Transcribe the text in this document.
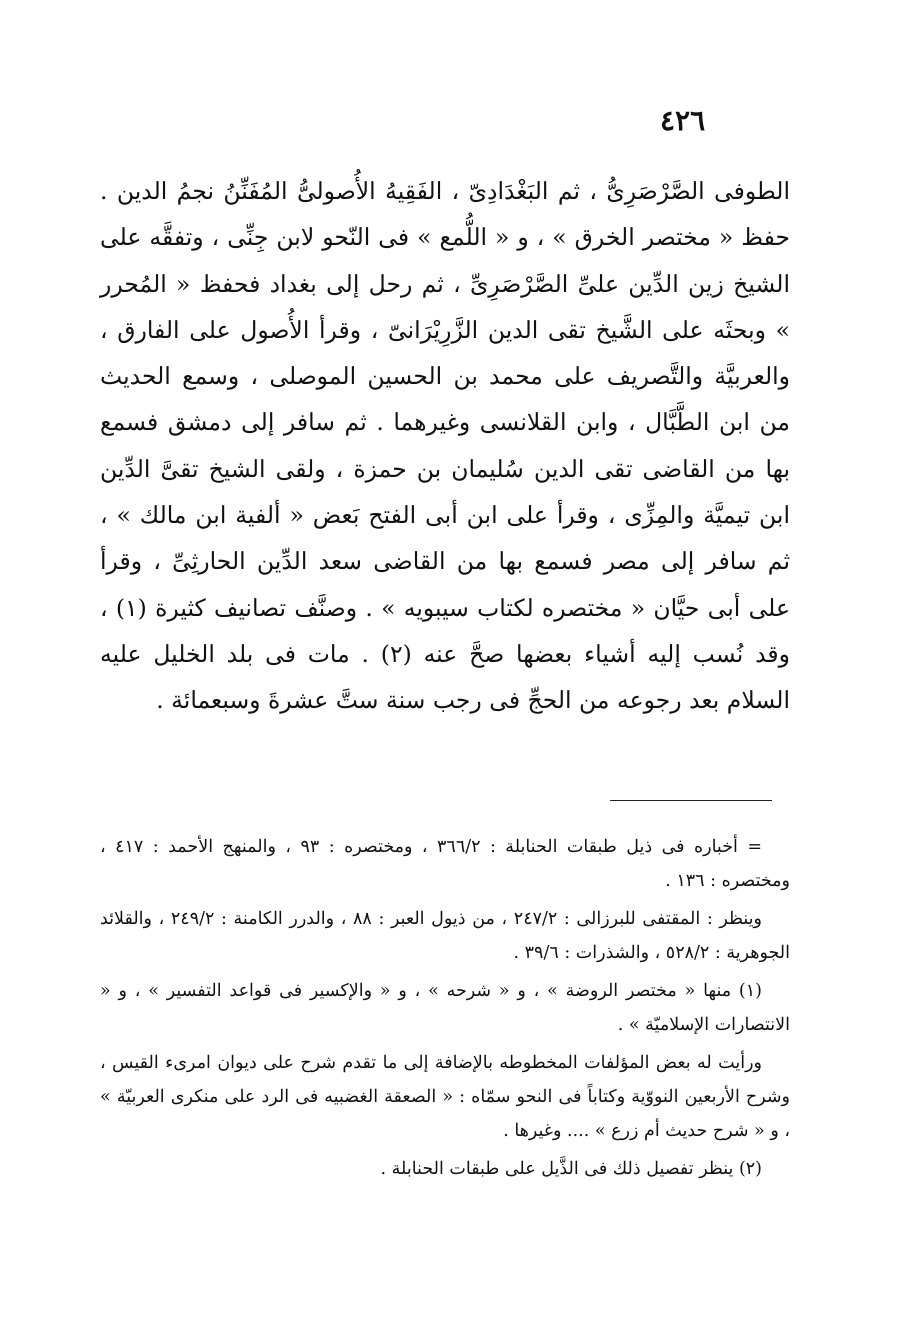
٤٢٦

الطوفى الصَّرْصَرِىُّ ، ثم البَغْدَادِىّ ، الفَقِيهُ الأُصولىُّ المُفَنِّنُ نجمُ الدين . حفظ « مختصر الخرق » ، و « اللُّمع » فى النّحو لابن جِنِّى ، وتفقَّه على الشيخ زين الدِّين علىِّ الصَّرْصَرِىِّ ، ثم رحل إلى بغداد فحفظ « المُحرر » وبحثَه على الشَّيخ تقى الدين الزَّرِيْرَانىّ ، وقرأ الأُصول على الفارق ، والعربيَّة والتَّصريف على محمد بن الحسين الموصلى ، وسمع الحديث من ابن الطَّبَّال ، وابن القلانسى وغيرهما . ثم سافر إلى دمشق فسمع بها من القاضى تقى الدين سُليمان بن حمزة ، ولقى الشيخ تقىَّ الدِّين ابن تيميَّة والمِزِّى ، وقرأ على ابن أبى الفتح بَعض « ألفية ابن مالك » ، ثم سافر إلى مصر فسمع بها من القاضى سعد الدِّين الحارثِىِّ ، وقرأ على أبى حيَّان « مختصره لكتاب سيبويه » . وصنَّف تصانيف كثيرة (١) ، وقد نُسب إليه أشياء بعضها صحَّ عنه (٢) . مات فى بلد الخليل عليه السلام بعد رجوعه من الحجِّ فى رجب سنة ستَّ عشرةَ وسبعمائة .

= أخباره فى ذيل طبقات الحنابلة : ٣٦٦/٢ ، ومختصره : ٩٣ ، والمنهج الأحمد : ٤١٧ ، ومختصره : ١٣٦ .

وينظر : المقتفى للبرزالى : ٢٤٧/٢ ، من ذيول العبر : ٨٨ ، والدرر الكامنة : ٢٤٩/٢ ، والقلائد الجوهرية : ٥٢٨/٢ ، والشذرات : ٣٩/٦ .

(١) منها « مختصر الروضة » ، و « شرحه » ، و « والإكسير فى قواعد التفسير » ، و « الانتصارات الإسلاميّة » .

ورأيت له بعض المؤلفات المخطوطه بالإضافة إلى ما تقدم شرح على ديوان امرىء القيس ، وشرح الأربعين النووّية وكتاباً فى النحو سمّاه : « الصعقة الغضبيه فى الرد على منكرى العربيّة » ، و « شرح حديث أم زرع » .... وغيرها .

(٢) ينظر تفصيل ذلك فى الذَّيل على طبقات الحنابلة .
